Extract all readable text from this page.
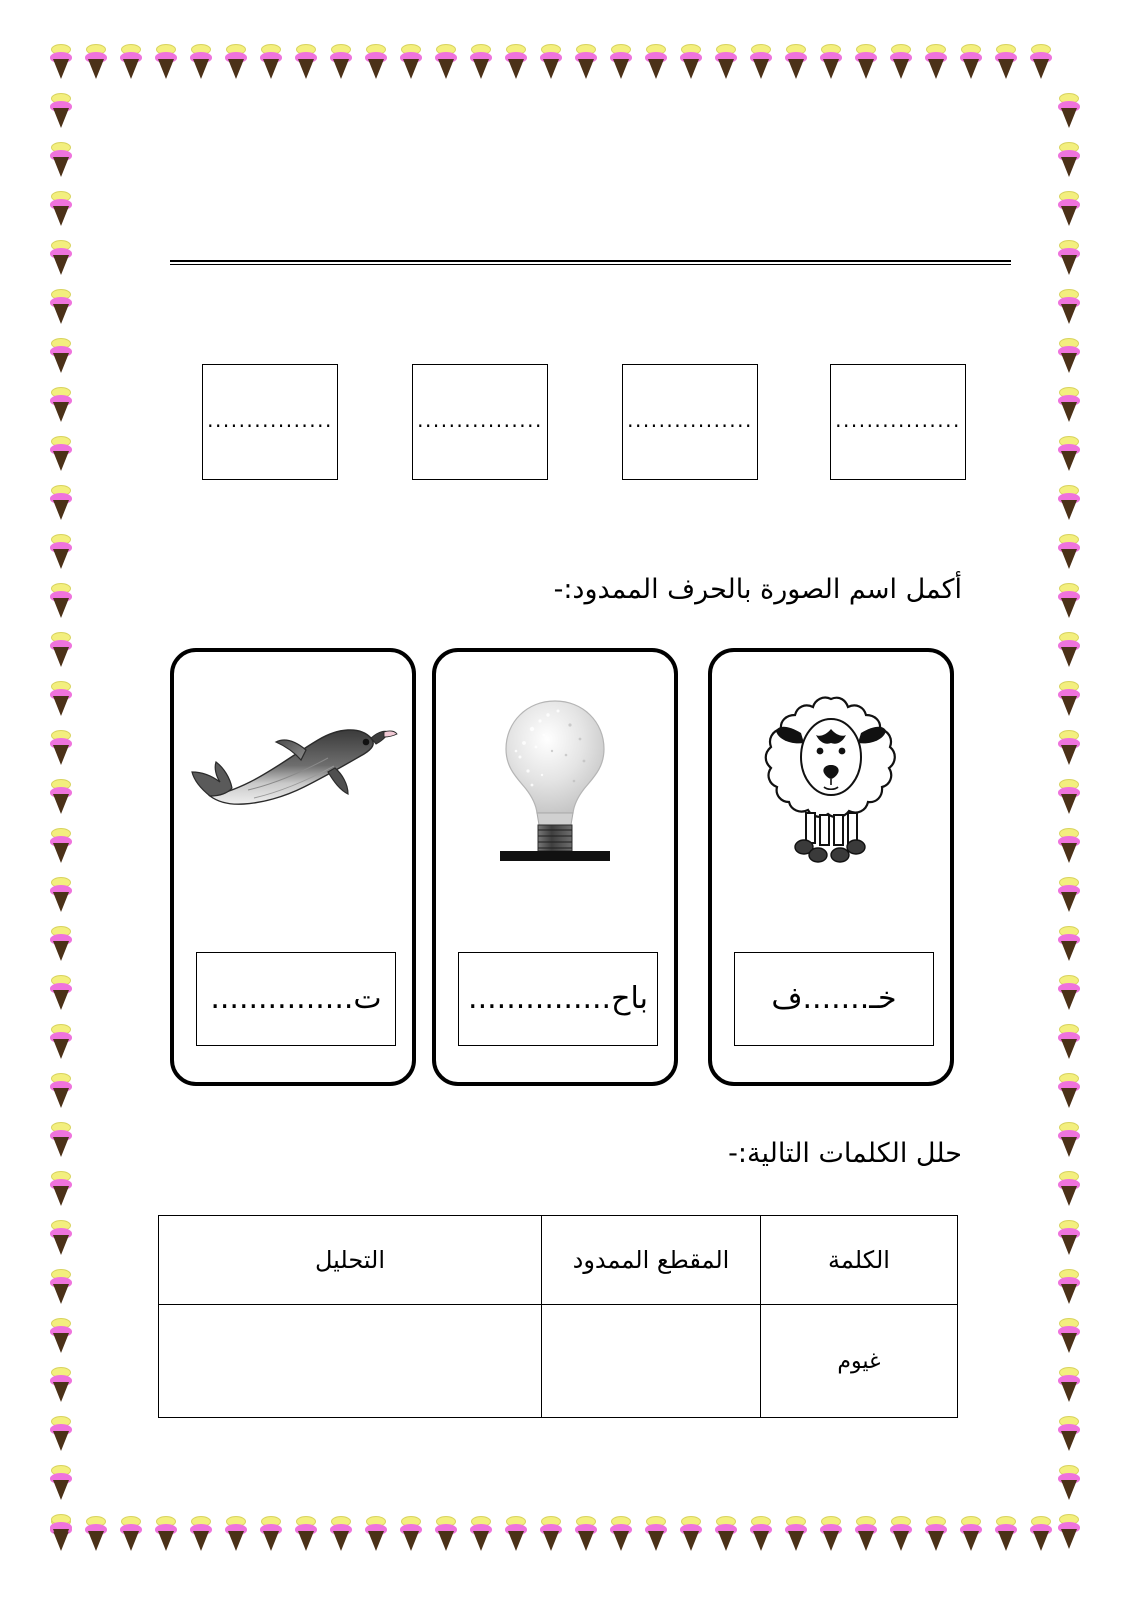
................	................	................	................
أكمل اسم الصورة بالحرف الممدود:-
ت...............	باح...............	خـ.......ف
حلل الكلمات التالية:-
الكلمة	المقطع الممدود	التحليل
غيوم		
